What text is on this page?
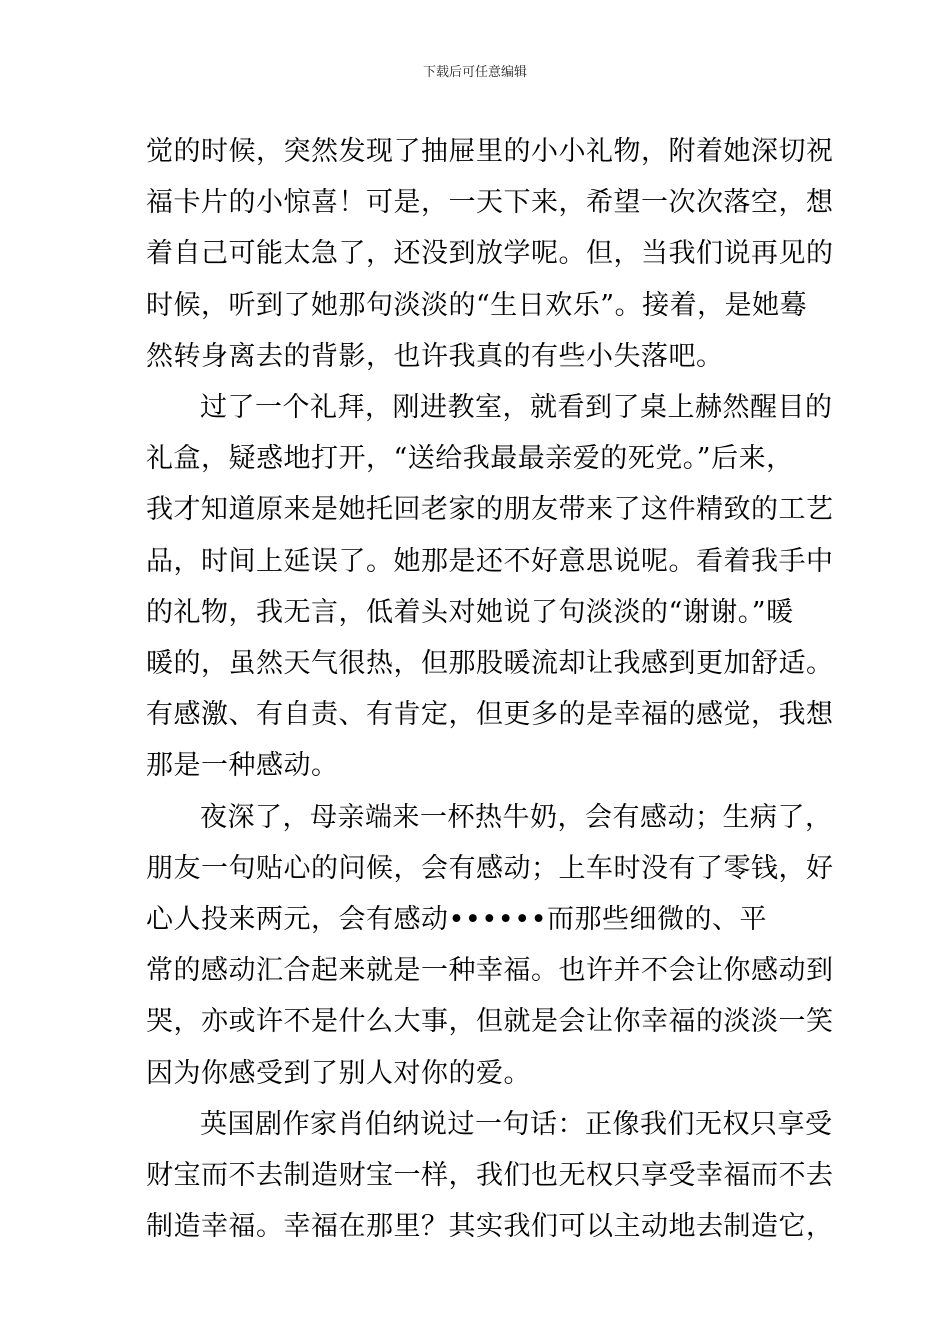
下载后可任意编辑

觉的时候，突然发现了抽屉里的小小礼物，附着她深切祝
福卡片的小惊喜！可是，一天下来，希望一次次落空，想
着自己可能太急了，还没到放学呢。但，当我们说再见的
时候，听到了她那句淡淡的“生日欢乐”。接着，是她蓦
然转身离去的背影，也许我真的有些小失落吧。

过了一个礼拜，刚进教室，就看到了桌上赫然醒目的
礼盒，疑惑地打开，“送给我最最亲爱的死党。”后来，
我才知道原来是她托回老家的朋友带来了这件精致的工艺
品，时间上延误了。她那是还不好意思说呢。看着我手中
的礼物，我无言，低着头对她说了句淡淡的“谢谢。”暖
暖的，虽然天气很热，但那股暖流却让我感到更加舒适。
有感激、有自责、有肯定，但更多的是幸福的感觉，我想
那是一种感动。

夜深了，母亲端来一杯热牛奶，会有感动；生病了，
朋友一句贴心的问候，会有感动；上车时没有了零钱，好
心人投来两元，会有感动••••••而那些细微的、平
常的感动汇合起来就是一种幸福。也许并不会让你感动到
哭，亦或许不是什么大事，但就是会让你幸福的淡淡一笑
因为你感受到了别人对你的爱。

英国剧作家肖伯纳说过一句话：正像我们无权只享受
财宝而不去制造财宝一样，我们也无权只享受幸福而不去
制造幸福。幸福在那里？其实我们可以主动地去制造它，
